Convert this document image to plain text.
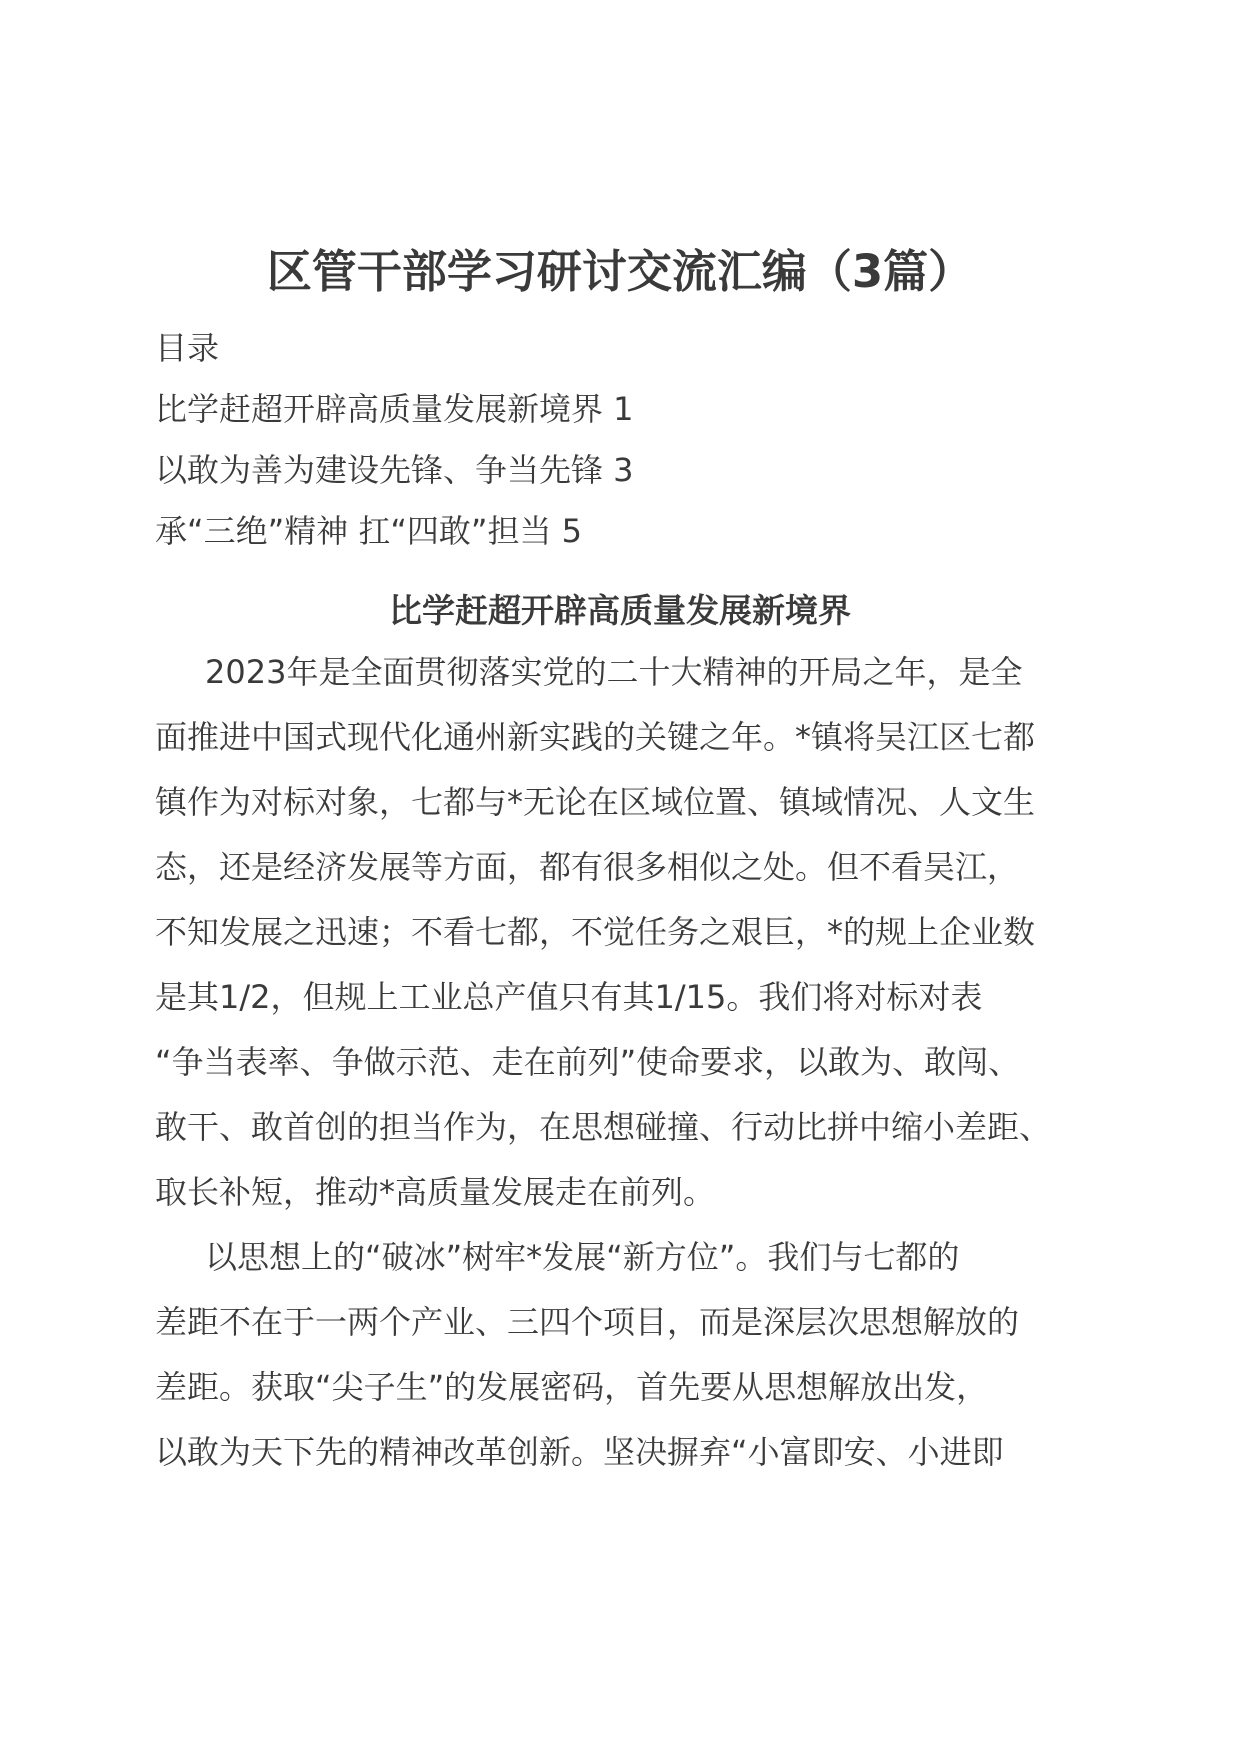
区管干部学习研讨交流汇编（3篇）

目录

比学赶超开辟高质量发展新境界 1

以敢为善为建设先锋、争当先锋 3

承“三绝”精神 扛“四敢”担当 5

比学赶超开辟高质量发展新境界
2023年是全面贯彻落实党的二十大精神的开局之年，是全
面推进中国式现代化通州新实践的关键之年。*镇将吴江区七都
镇作为对标对象，七都与*无论在区域位置、镇域情况、人文生
态，还是经济发展等方面，都有很多相似之处。但不看吴江，
不知发展之迅速；不看七都，不觉任务之艰巨，*的规上企业数
是其1/2，但规上工业总产值只有其1/15。我们将对标对表
“争当表率、争做示范、走在前列”使命要求，以敢为、敢闯、
敢干、敢首创的担当作为，在思想碰撞、行动比拼中缩小差距、
取长补短，推动*高质量发展走在前列。
以思想上的“破冰”树牢*发展“新方位”。我们与七都的
差距不在于一两个产业、三四个项目，而是深层次思想解放的
差距。获取“尖子生”的发展密码，首先要从思想解放出发，
以敢为天下先的精神改革创新。坚决摒弃“小富即安、小进即
